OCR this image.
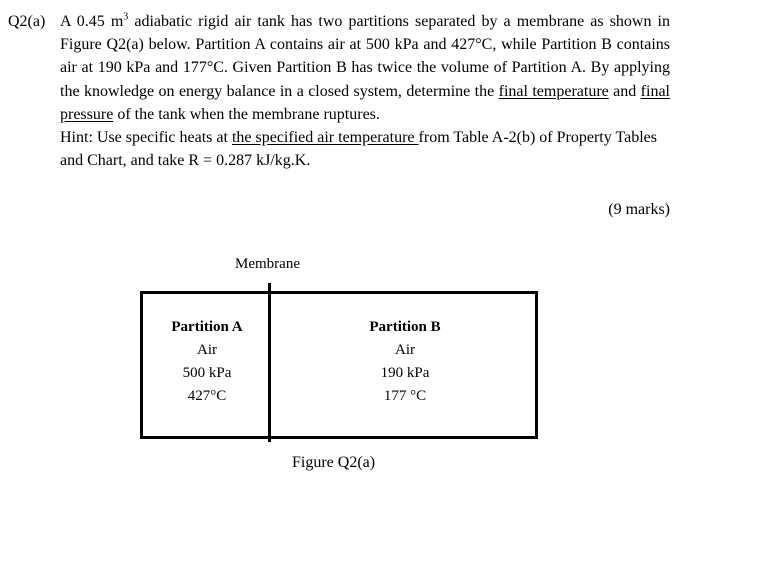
Q2(a) A 0.45 $m^3$ adiabatic rigid air tank has two partitions separated by a membrane as shown in Figure Q2(a) below. Partition A contains air at 500 kPa and 427°C, while Partition B contains air at 190 kPa and 177°C. Given Partition B has twice the volume of Partition A. By applying the knowledge on energy balance in a closed system, determine the final temperature and final pressure of the tank when the membrane ruptures.

Hint: Use specific heats at the specified air temperature from Table A-2(b) of Property Tables and Chart, and take R = 0.287 kJ/kg.K.

(9 marks)
Membrane
Partition A
Air
500 kPa
427°C
Partition B
Air
190 kPa
177 °C
Figure Q2(a)
